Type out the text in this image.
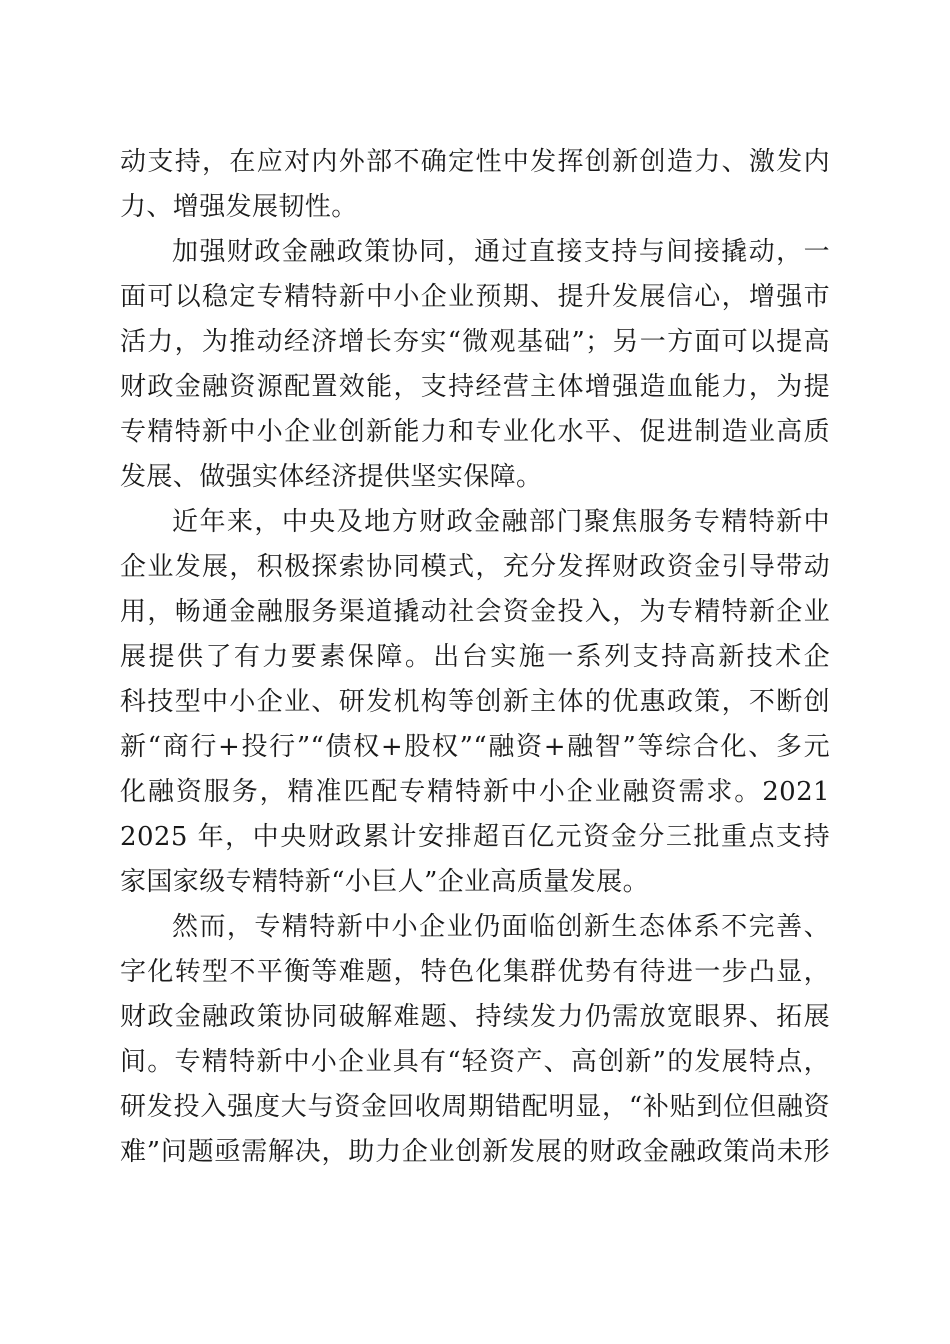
动支持，在应对内外部不确定性中发挥创新创造力、激发内
力、增强发展韧性。

加强财政金融政策协同，通过直接支持与间接撬动，一
面可以稳定专精特新中小企业预期、提升发展信心，增强市
活力，为推动经济增长夯实“微观基础”；另一方面可以提高
财政金融资源配置效能，支持经营主体增强造血能力，为提
专精特新中小企业创新能力和专业化水平、促进制造业高质
发展、做强实体经济提供坚实保障。

近年来，中央及地方财政金融部门聚焦服务专精特新中
企业发展，积极探索协同模式，充分发挥财政资金引导带动
用，畅通金融服务渠道撬动社会资金投入，为专精特新企业
展提供了有力要素保障。出台实施一系列支持高新技术企
科技型中小企业、研发机构等创新主体的优惠政策，不断创
新“商行+投行”“债权+股权”“融资+融智”等综合化、多元
化融资服务，精准匹配专精特新中小企业融资需求。2021
2025 年，中央财政累计安排超百亿元资金分三批重点支持
家国家级专精特新“小巨人”企业高质量发展。

然而，专精特新中小企业仍面临创新生态体系不完善、
字化转型不平衡等难题，特色化集群优势有待进一步凸显，
财政金融政策协同破解难题、持续发力仍需放宽眼界、拓展
间。专精特新中小企业具有“轻资产、高创新”的发展特点，
研发投入强度大与资金回收周期错配明显，“补贴到位但融资
难”问题亟需解决，助力企业创新发展的财政金融政策尚未形
